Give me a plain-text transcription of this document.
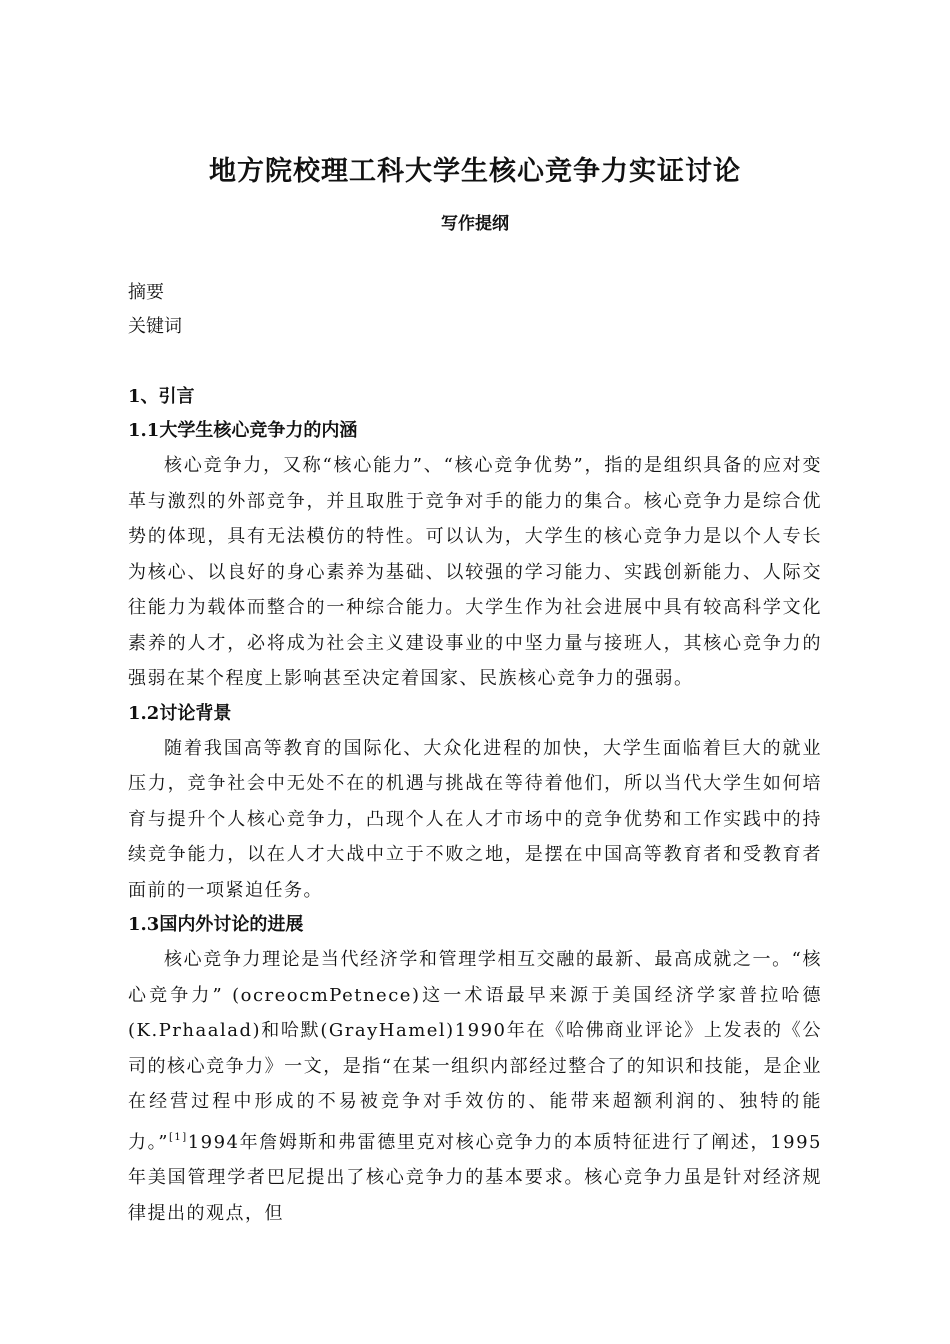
地方院校理工科大学生核心竞争力实证讨论
写作提纲
摘要
关键词
1、引言
1.1大学生核心竞争力的内涵

核心竞争力，又称“核心能力”、“核心竞争优势”，指的是组织具备的应对变革与激烈的外部竞争，并且取胜于竞争对手的能力的集合。核心竞争力是综合优势的体现，具有无法模仿的特性。可以认为，大学生的核心竞争力是以个人专长为核心、以良好的身心素养为基础、以较强的学习能力、实践创新能力、人际交往能力为载体而整合的一种综合能力。大学生作为社会进展中具有较高科学文化素养的人才，必将成为社会主义建设事业的中坚力量与接班人，其核心竞争力的强弱在某个程度上影响甚至决定着国家、民族核心竞争力的强弱。

1.2讨论背景

随着我国高等教育的国际化、大众化进程的加快，大学生面临着巨大的就业压力，竞争社会中无处不在的机遇与挑战在等待着他们，所以当代大学生如何培育与提升个人核心竞争力，凸现个人在人才市场中的竞争优势和工作实践中的持续竞争能力，以在人才大战中立于不败之地，是摆在中国高等教育者和受教育者面前的一项紧迫任务。

1.3国内外讨论的进展

核心竞争力理论是当代经济学和管理学相互交融的最新、最高成就之一。“核心竞争力” (ocreocmPetnece)这一术语最早来源于美国经济学家普拉哈德(K.Prhaalad)和哈默(GrayHamel)1990年在《哈佛商业评论》上发表的《公司的核心竞争力》一文，是指“在某一组织内部经过整合了的知识和技能，是企业在经营过程中形成的不易被竞争对手效仿的、能带来超额利润的、独特的能力。”[1]1994年詹姆斯和弗雷德里克对核心竞争力的本质特征进行了阐述，1995年美国管理学者巴尼提出了核心竞争力的基本要求。核心竞争力虽是针对经济规律提出的观点，但
